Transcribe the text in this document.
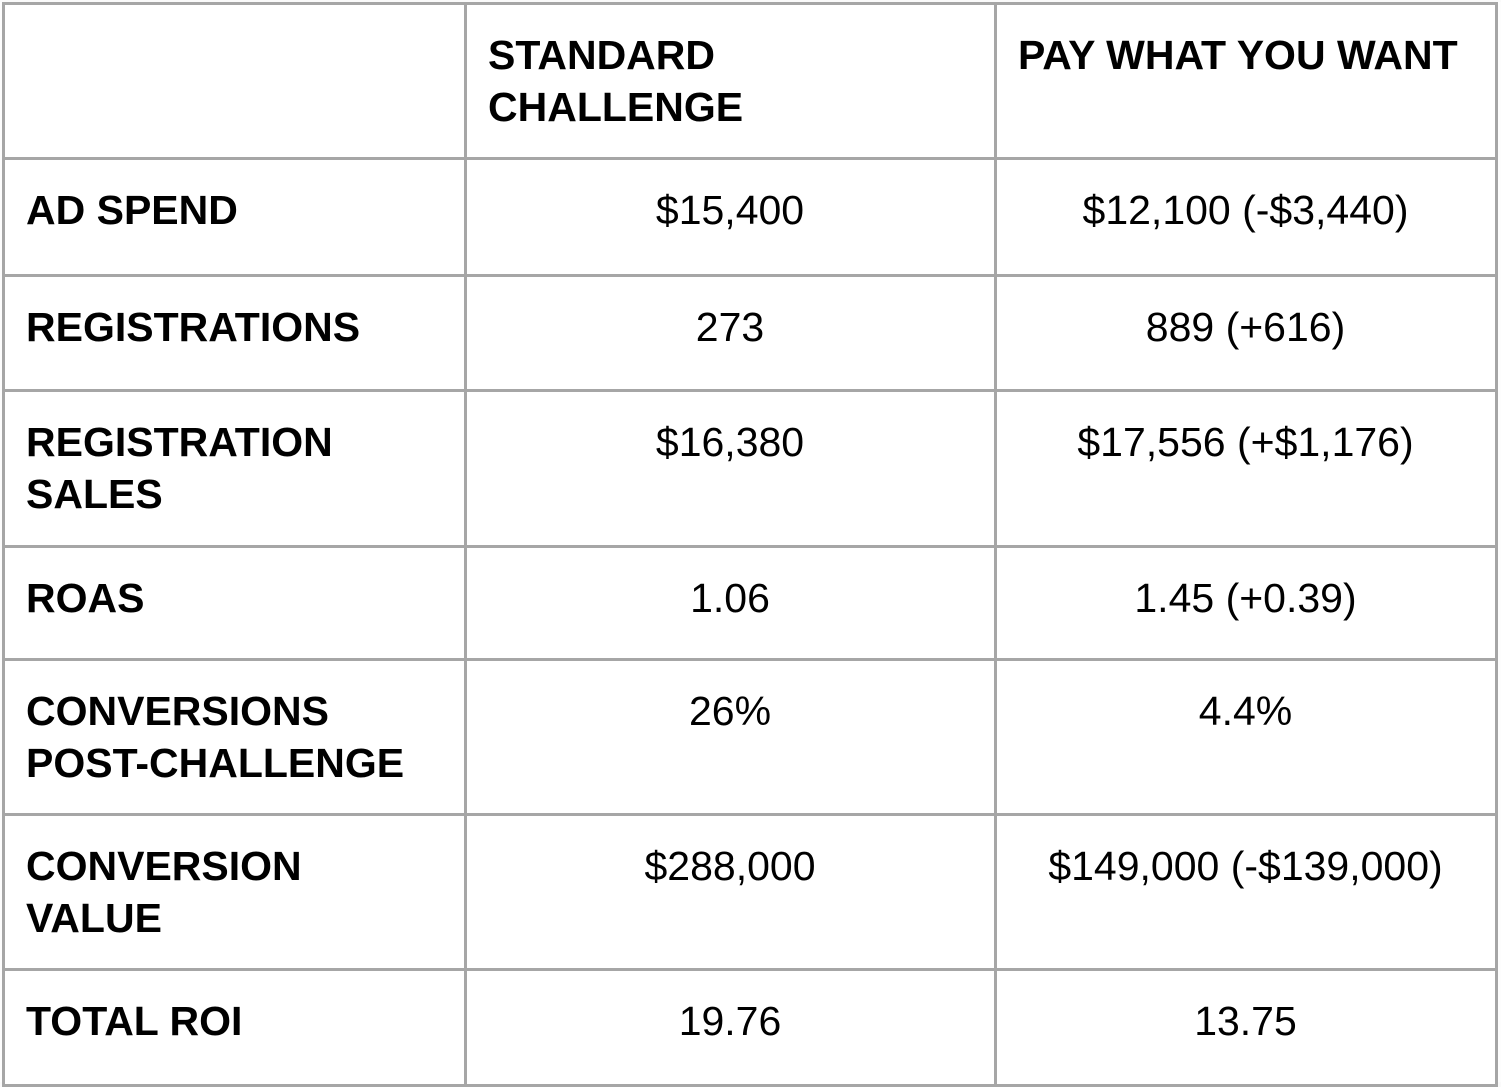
	STANDARD CHALLENGE	PAY WHAT YOU WANT
AD SPEND	$15,400	$12,100 (-$3,440)
REGISTRATIONS	273	889 (+616)
REGISTRATION SALES	$16,380	$17,556 (+$1,176)
ROAS	1.06	1.45 (+0.39)
CONVERSIONS POST-CHALLENGE	26%	4.4%
CONVERSION VALUE	$288,000	$149,000 (-$139,000)
TOTAL ROI	19.76	13.75
